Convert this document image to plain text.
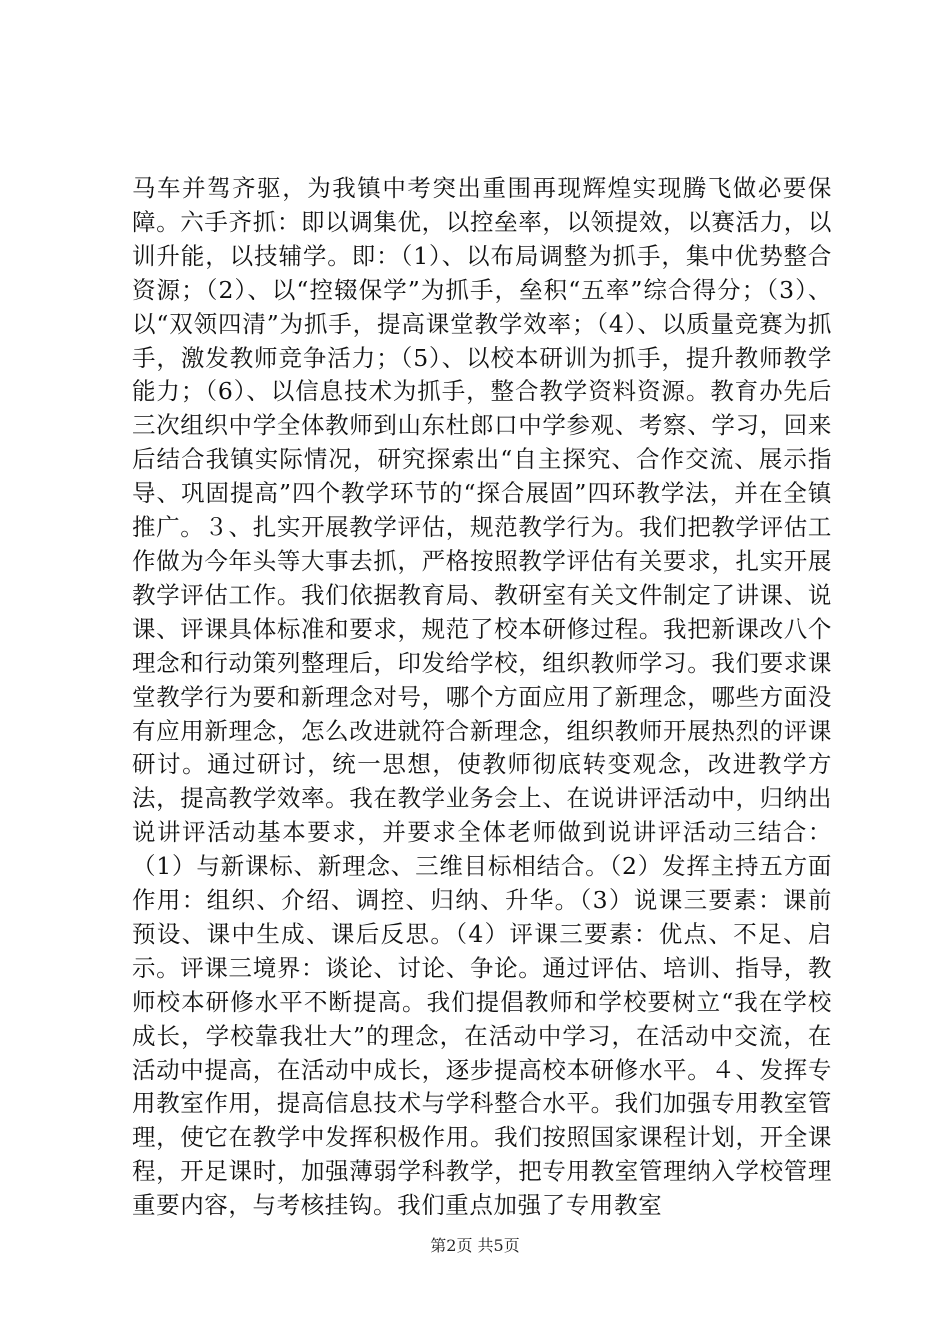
马车并驾齐驱，为我镇中考突出重围再现辉煌实现腾飞做必要保障。六手齐抓：即以调集优，以控垒率，以领提效，以赛活力，以训升能，以技辅学。即：（1）、以布局调整为抓手，集中优势整合资源；（2）、以“控辍保学”为抓手，垒积“五率”综合得分；（3）、以“双领四清”为抓手，提高课堂教学效率；（4）、以质量竞赛为抓手，激发教师竞争活力；（5）、以校本研训为抓手，提升教师教学能力；（6）、以信息技术为抓手，整合教学资料资源。教育办先后三次组织中学全体教师到山东杜郎口中学参观、考察、学习，回来后结合我镇实际情况，研究探索出“自主探究、合作交流、展示指导、巩固提高”四个教学环节的“探合展固”四环教学法，并在全镇推广。３、扎实开展教学评估，规范教学行为。我们把教学评估工作做为今年头等大事去抓，严格按照教学评估有关要求，扎实开展教学评估工作。我们依据教育局、教研室有关文件制定了讲课、说课、评课具体标准和要求，规范了校本研修过程。我把新课改八个理念和行动策列整理后，印发给学校，组织教师学习。我们要求课堂教学行为要和新理念对号，哪个方面应用了新理念，哪些方面没有应用新理念，怎么改进就符合新理念，组织教师开展热烈的评课研讨。通过研讨，统一思想，使教师彻底转变观念，改进教学方法，提高教学效率。我在教学业务会上、在说讲评活动中，归纳出说讲评活动基本要求，并要求全体老师做到说讲评活动三结合：（1）与新课标、新理念、三维目标相结合。（2）发挥主持五方面作用：组织、介绍、调控、归纳、升华。（3）说课三要素：课前预设、课中生成、课后反思。（4）评课三要素：优点、不足、启示。评课三境界：谈论、讨论、争论。通过评估、培训、指导，教师校本研修水平不断提高。我们提倡教师和学校要树立“我在学校成长，学校靠我壮大”的理念，在活动中学习，在活动中交流，在活动中提高，在活动中成长，逐步提高校本研修水平。４、发挥专用教室作用，提高信息技术与学科整合水平。我们加强专用教室管理，使它在教学中发挥积极作用。我们按照国家课程计划，开全课程，开足课时，加强薄弱学科教学，把专用教室管理纳入学校管理重要内容，与考核挂钩。我们重点加强了专用教室

第2页 共5页
